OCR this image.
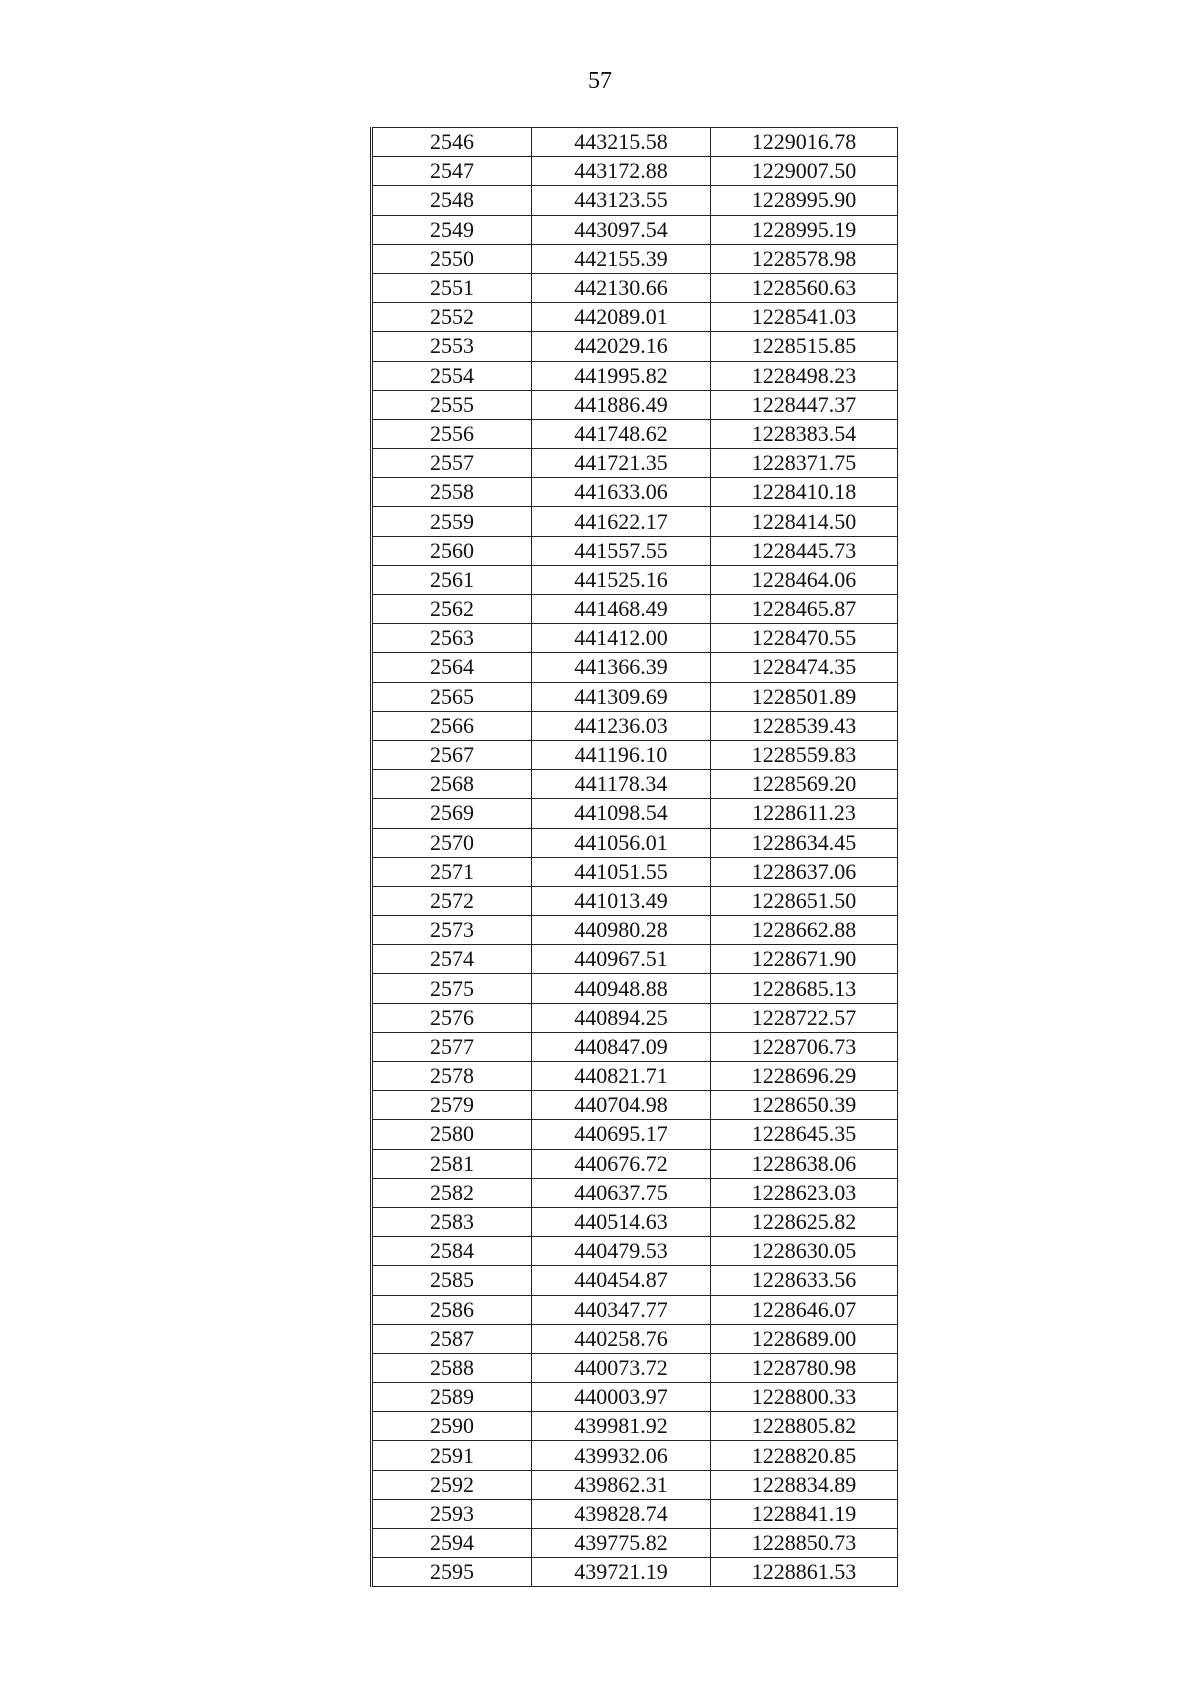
57
2546	443215.58	1229016.78
2547	443172.88	1229007.50
2548	443123.55	1228995.90
2549	443097.54	1228995.19
2550	442155.39	1228578.98
2551	442130.66	1228560.63
2552	442089.01	1228541.03
2553	442029.16	1228515.85
2554	441995.82	1228498.23
2555	441886.49	1228447.37
2556	441748.62	1228383.54
2557	441721.35	1228371.75
2558	441633.06	1228410.18
2559	441622.17	1228414.50
2560	441557.55	1228445.73
2561	441525.16	1228464.06
2562	441468.49	1228465.87
2563	441412.00	1228470.55
2564	441366.39	1228474.35
2565	441309.69	1228501.89
2566	441236.03	1228539.43
2567	441196.10	1228559.83
2568	441178.34	1228569.20
2569	441098.54	1228611.23
2570	441056.01	1228634.45
2571	441051.55	1228637.06
2572	441013.49	1228651.50
2573	440980.28	1228662.88
2574	440967.51	1228671.90
2575	440948.88	1228685.13
2576	440894.25	1228722.57
2577	440847.09	1228706.73
2578	440821.71	1228696.29
2579	440704.98	1228650.39
2580	440695.17	1228645.35
2581	440676.72	1228638.06
2582	440637.75	1228623.03
2583	440514.63	1228625.82
2584	440479.53	1228630.05
2585	440454.87	1228633.56
2586	440347.77	1228646.07
2587	440258.76	1228689.00
2588	440073.72	1228780.98
2589	440003.97	1228800.33
2590	439981.92	1228805.82
2591	439932.06	1228820.85
2592	439862.31	1228834.89
2593	439828.74	1228841.19
2594	439775.82	1228850.73
2595	439721.19	1228861.53
